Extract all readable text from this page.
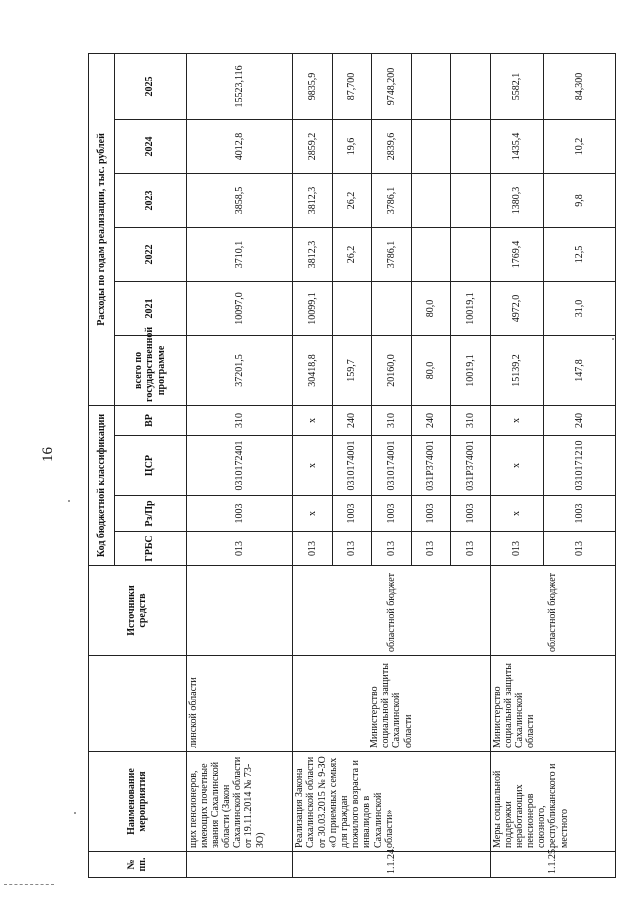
16
№ пп.	Наименование мероприятия		Источники средств	Код бюджетной классификации				Расходы по годам реализации, тыс. рублей					
				ГРБС	Рз/Пр	ЦСР	ВР	всего по государственной программе	2021	2022	2023	2024	2025
	щих пенсионеров, имеющих почетные звания Сахалинской области (Закон Сахалинской области от 19.11.2014 № 73-ЗО)	линской области		013	1003	0310172401	310	37201,5	10097,0	3710,1	3858,5	4012,8	15523,116
1.1.24.	Реализация Закона Сахалинской области от 30.03.2015 № 9-ЗО «О приемных семьях для граждан пожилого возраста и инвалидов в Сахалинской области»	Министерство социальной защиты Сахалинской области	областной бюджет	013	х	х	х	30418,8	10099,1	3812,3	3812,3	2859,2	9835,9
				013	1003	0310174001	240	159,7		26,2	26,2	19,6	87,700
				013	1003	0310174001	310	20160,0		3786,1	3786,1	2839,6	9748,200
				013	1003	031P374001	240	80,0	80,0				
				013	1003	031P374001	310	10019,1	10019,1				
1.1.25.	Меры социальной поддержки неработающих пенсионеров союзного, республиканского и местного	Министерство социальной защиты Сахалинской области	областной бюджет	013	х	х	х	15139,2	4972,0	1769,4	1380,3	1435,4	5582,1
				013	1003	0310171210	240	147,8	31,0	12,5	9,8	10,2	84,300
